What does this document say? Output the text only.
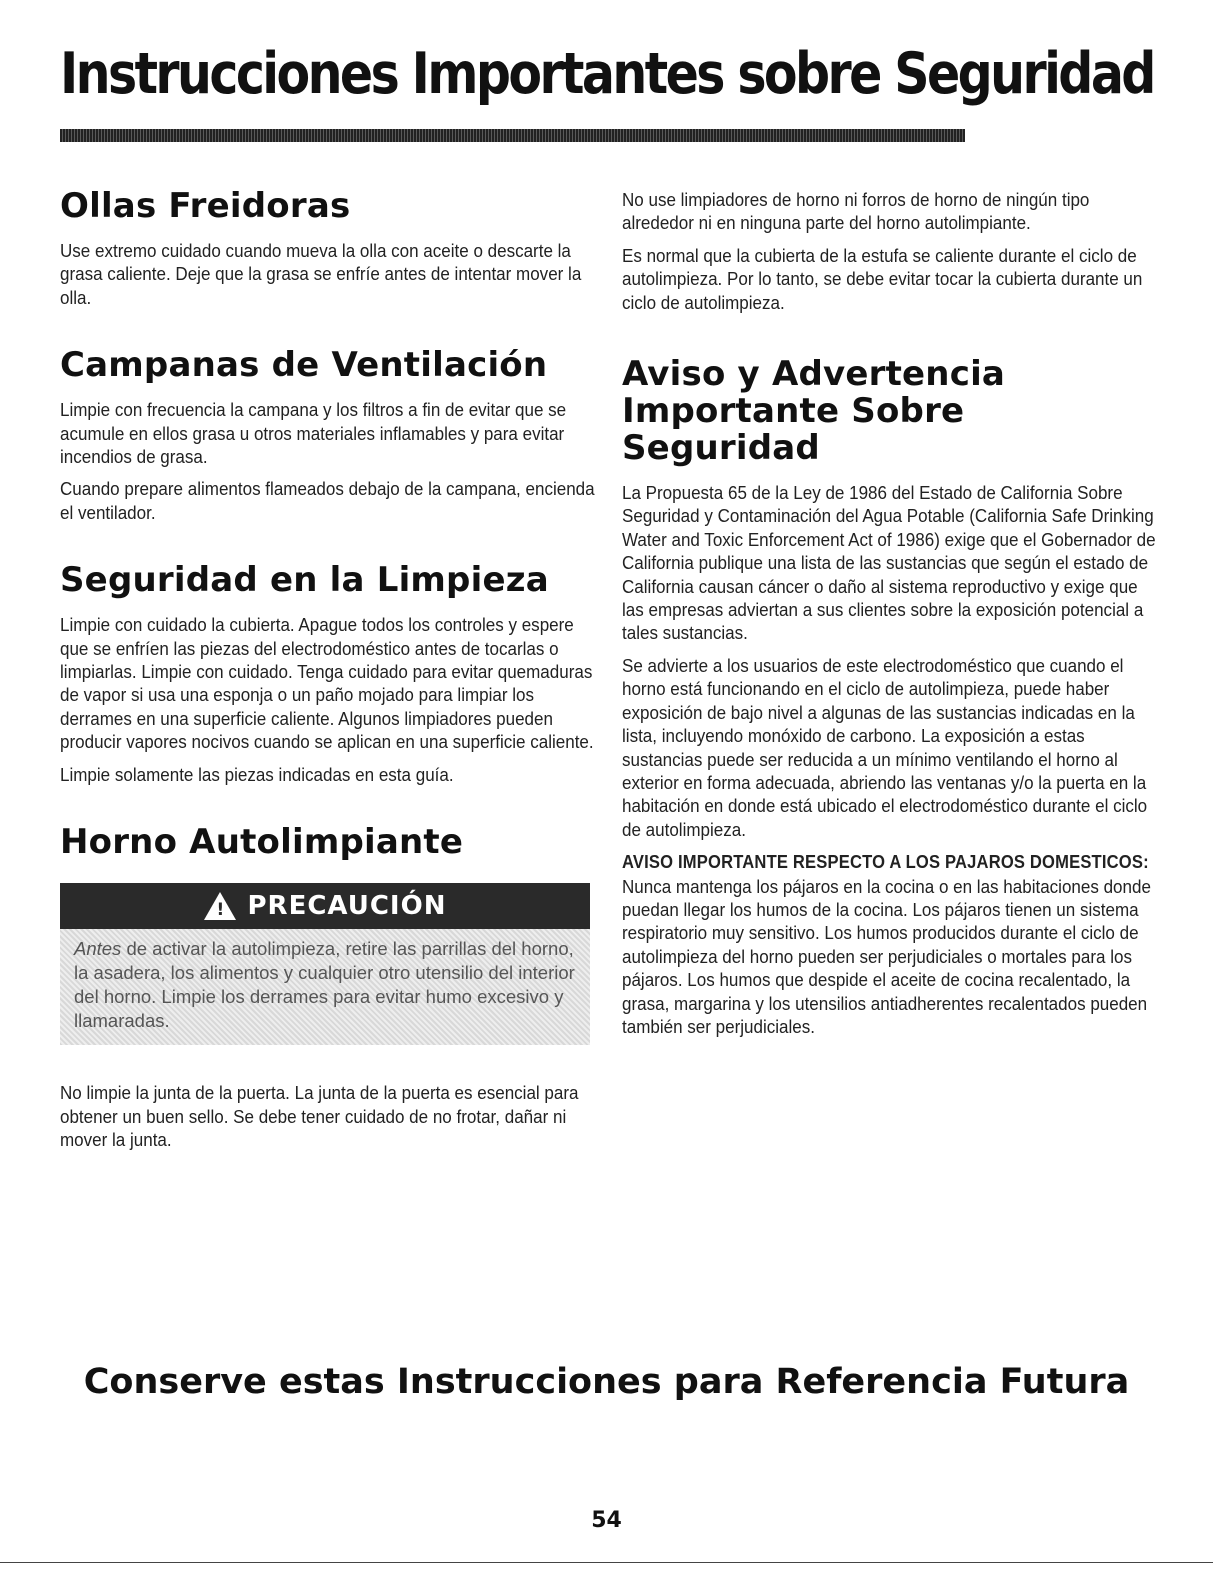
Instrucciones Importantes sobre Seguridad
Ollas Freidoras

Use extremo cuidado cuando mueva la olla con aceite o descarte la grasa caliente. Deje que la grasa se enfríe antes de intentar mover la olla.

Campanas de Ventilación

Limpie con frecuencia la campana y los filtros a fin de evitar que se acumule en ellos grasa u otros materiales inflamables y para evitar incendios de grasa.

Cuando prepare alimentos flameados debajo de la campana, encienda el ventilador.

Seguridad en la Limpieza

Limpie con cuidado la cubierta. Apague todos los controles y espere que se enfríen las piezas del electrodoméstico antes de tocarlas o limpiarlas. Limpie con cuidado. Tenga cuidado para evitar quemaduras de vapor si usa una esponja o un paño mojado para limpiar los derrames en una superficie caliente. Algunos limpiadores pueden producir vapores nocivos cuando se aplican en una superficie caliente.

Limpie solamente las piezas indicadas en esta guía.

Horno Autolimpiante
! PRECAUCIÓN
Antes de activar la autolimpieza, retire las parrillas del horno, la asadera, los alimentos y cualquier otro utensilio del interior del horno. Limpie los derrames para evitar humo excesivo y llamaradas.

No limpie la junta de la puerta. La junta de la puerta es esencial para obtener un buen sello. Se debe tener cuidado de no frotar, dañar ni mover la junta.

No use limpiadores de horno ni forros de horno de ningún tipo alrededor ni en ninguna parte del horno autolimpiante.

Es normal que la cubierta de la estufa se caliente durante el ciclo de autolimpieza. Por lo tanto, se debe evitar tocar la cubierta durante un ciclo de autolimpieza.

Aviso y Advertencia
Importante Sobre Seguridad

La Propuesta 65 de la Ley de 1986 del Estado de California Sobre Seguridad y Contaminación del Agua Potable (California Safe Drinking Water and Toxic Enforcement Act of 1986) exige que el Gobernador de California publique una lista de las sustancias que según el estado de California causan cáncer o daño al sistema reproductivo y exige que las empresas adviertan a sus clientes sobre la exposición potencial a tales sustancias.

Se advierte a los usuarios de este electrodoméstico que cuando el horno está funcionando en el ciclo de autolimpieza, puede haber exposición de bajo nivel a algunas de las sustancias indicadas en la lista, incluyendo monóxido de carbono. La exposición a estas sustancias puede ser reducida a un mínimo ventilando el horno al exterior en forma adecuada, abriendo las ventanas y/o la puerta en la habitación en donde está ubicado el electrodoméstico durante el ciclo de autolimpieza.

AVISO IMPORTANTE RESPECTO A LOS PAJAROS DOMESTICOS: Nunca mantenga los pájaros en la cocina o en las habitaciones donde puedan llegar los humos de la cocina. Los pájaros tienen un sistema respiratorio muy sensitivo. Los humos producidos durante el ciclo de autolimpieza del horno pueden ser perjudiciales o mortales para los pájaros. Los humos que despide el aceite de cocina recalentado, la grasa, margarina y los utensilios antiadherentes recalentados pueden también ser perjudiciales.

Conserve estas Instrucciones para Referencia Futura
54
